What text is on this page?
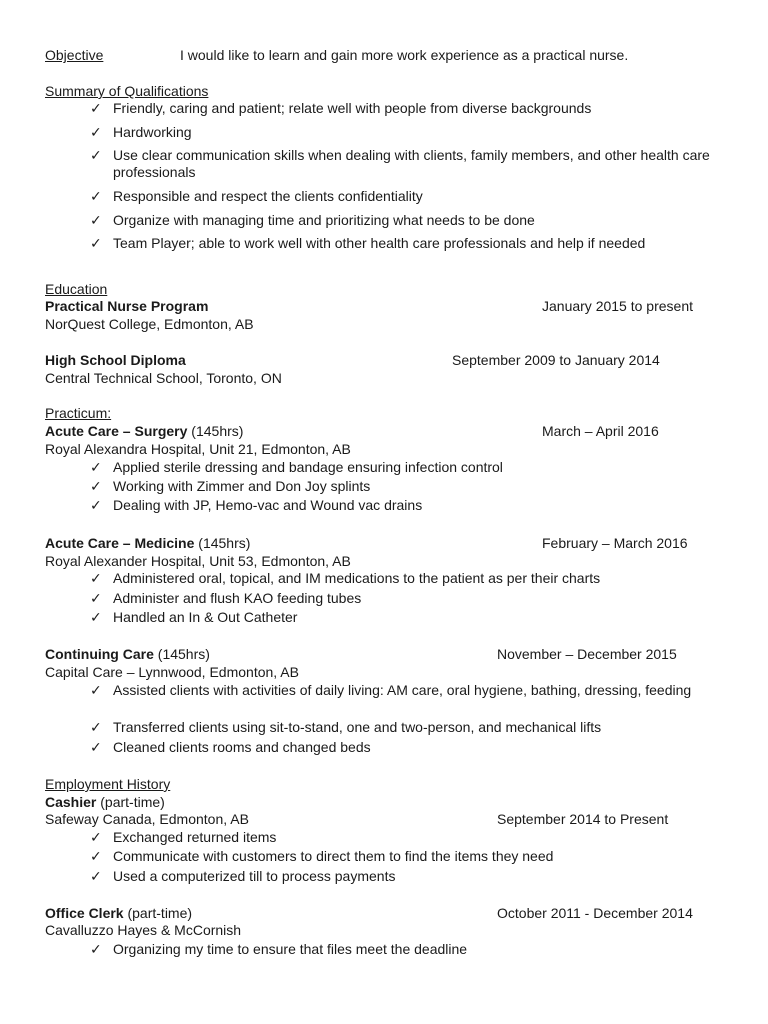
Objective	I would like to learn and gain more work experience as a practical nurse.
Summary of Qualifications
✓ Friendly, caring and patient; relate well with people from diverse backgrounds
✓ Hardworking
✓ Use clear communication skills when dealing with clients, family members, and other health care professionals
✓ Responsible and respect the clients confidentiality
✓ Organize with managing time and prioritizing what needs to be done
✓ Team Player; able to work well with other health care professionals and help if needed
Education
Practical Nurse Program	January 2015 to present
NorQuest College, Edmonton, AB
High School Diploma	September 2009 to January 2014
Central Technical School, Toronto, ON
Practicum:
Acute Care – Surgery (145hrs)	March – April 2016
Royal Alexandra Hospital, Unit 21, Edmonton, AB
✓ Applied sterile dressing and bandage ensuring infection control
✓ Working with Zimmer and Don Joy splints
✓ Dealing with JP, Hemo-vac and Wound vac drains
Acute Care – Medicine (145hrs)	February – March 2016
Royal Alexander Hospital, Unit 53, Edmonton, AB
✓ Administered oral, topical, and IM medications to the patient as per their charts
✓ Administer and flush KAO feeding tubes
✓ Handled an In & Out Catheter
Continuing Care (145hrs)	November – December 2015
Capital Care – Lynnwood, Edmonton, AB
✓ Assisted clients with activities of daily living: AM care, oral hygiene, bathing, dressing, feeding
✓ Transferred clients using sit-to-stand, one and two-person, and mechanical lifts
✓ Cleaned clients rooms and changed beds
Employment History
Cashier (part-time)
Safeway Canada, Edmonton, AB	September 2014 to Present
✓ Exchanged returned items
✓ Communicate with customers to direct them to find the items they need
✓ Used a computerized till to process payments
Office Clerk (part-time)	October 2011 - December 2014
Cavalluzzo Hayes & McCornish
✓ Organizing my time to ensure that files meet the deadline
